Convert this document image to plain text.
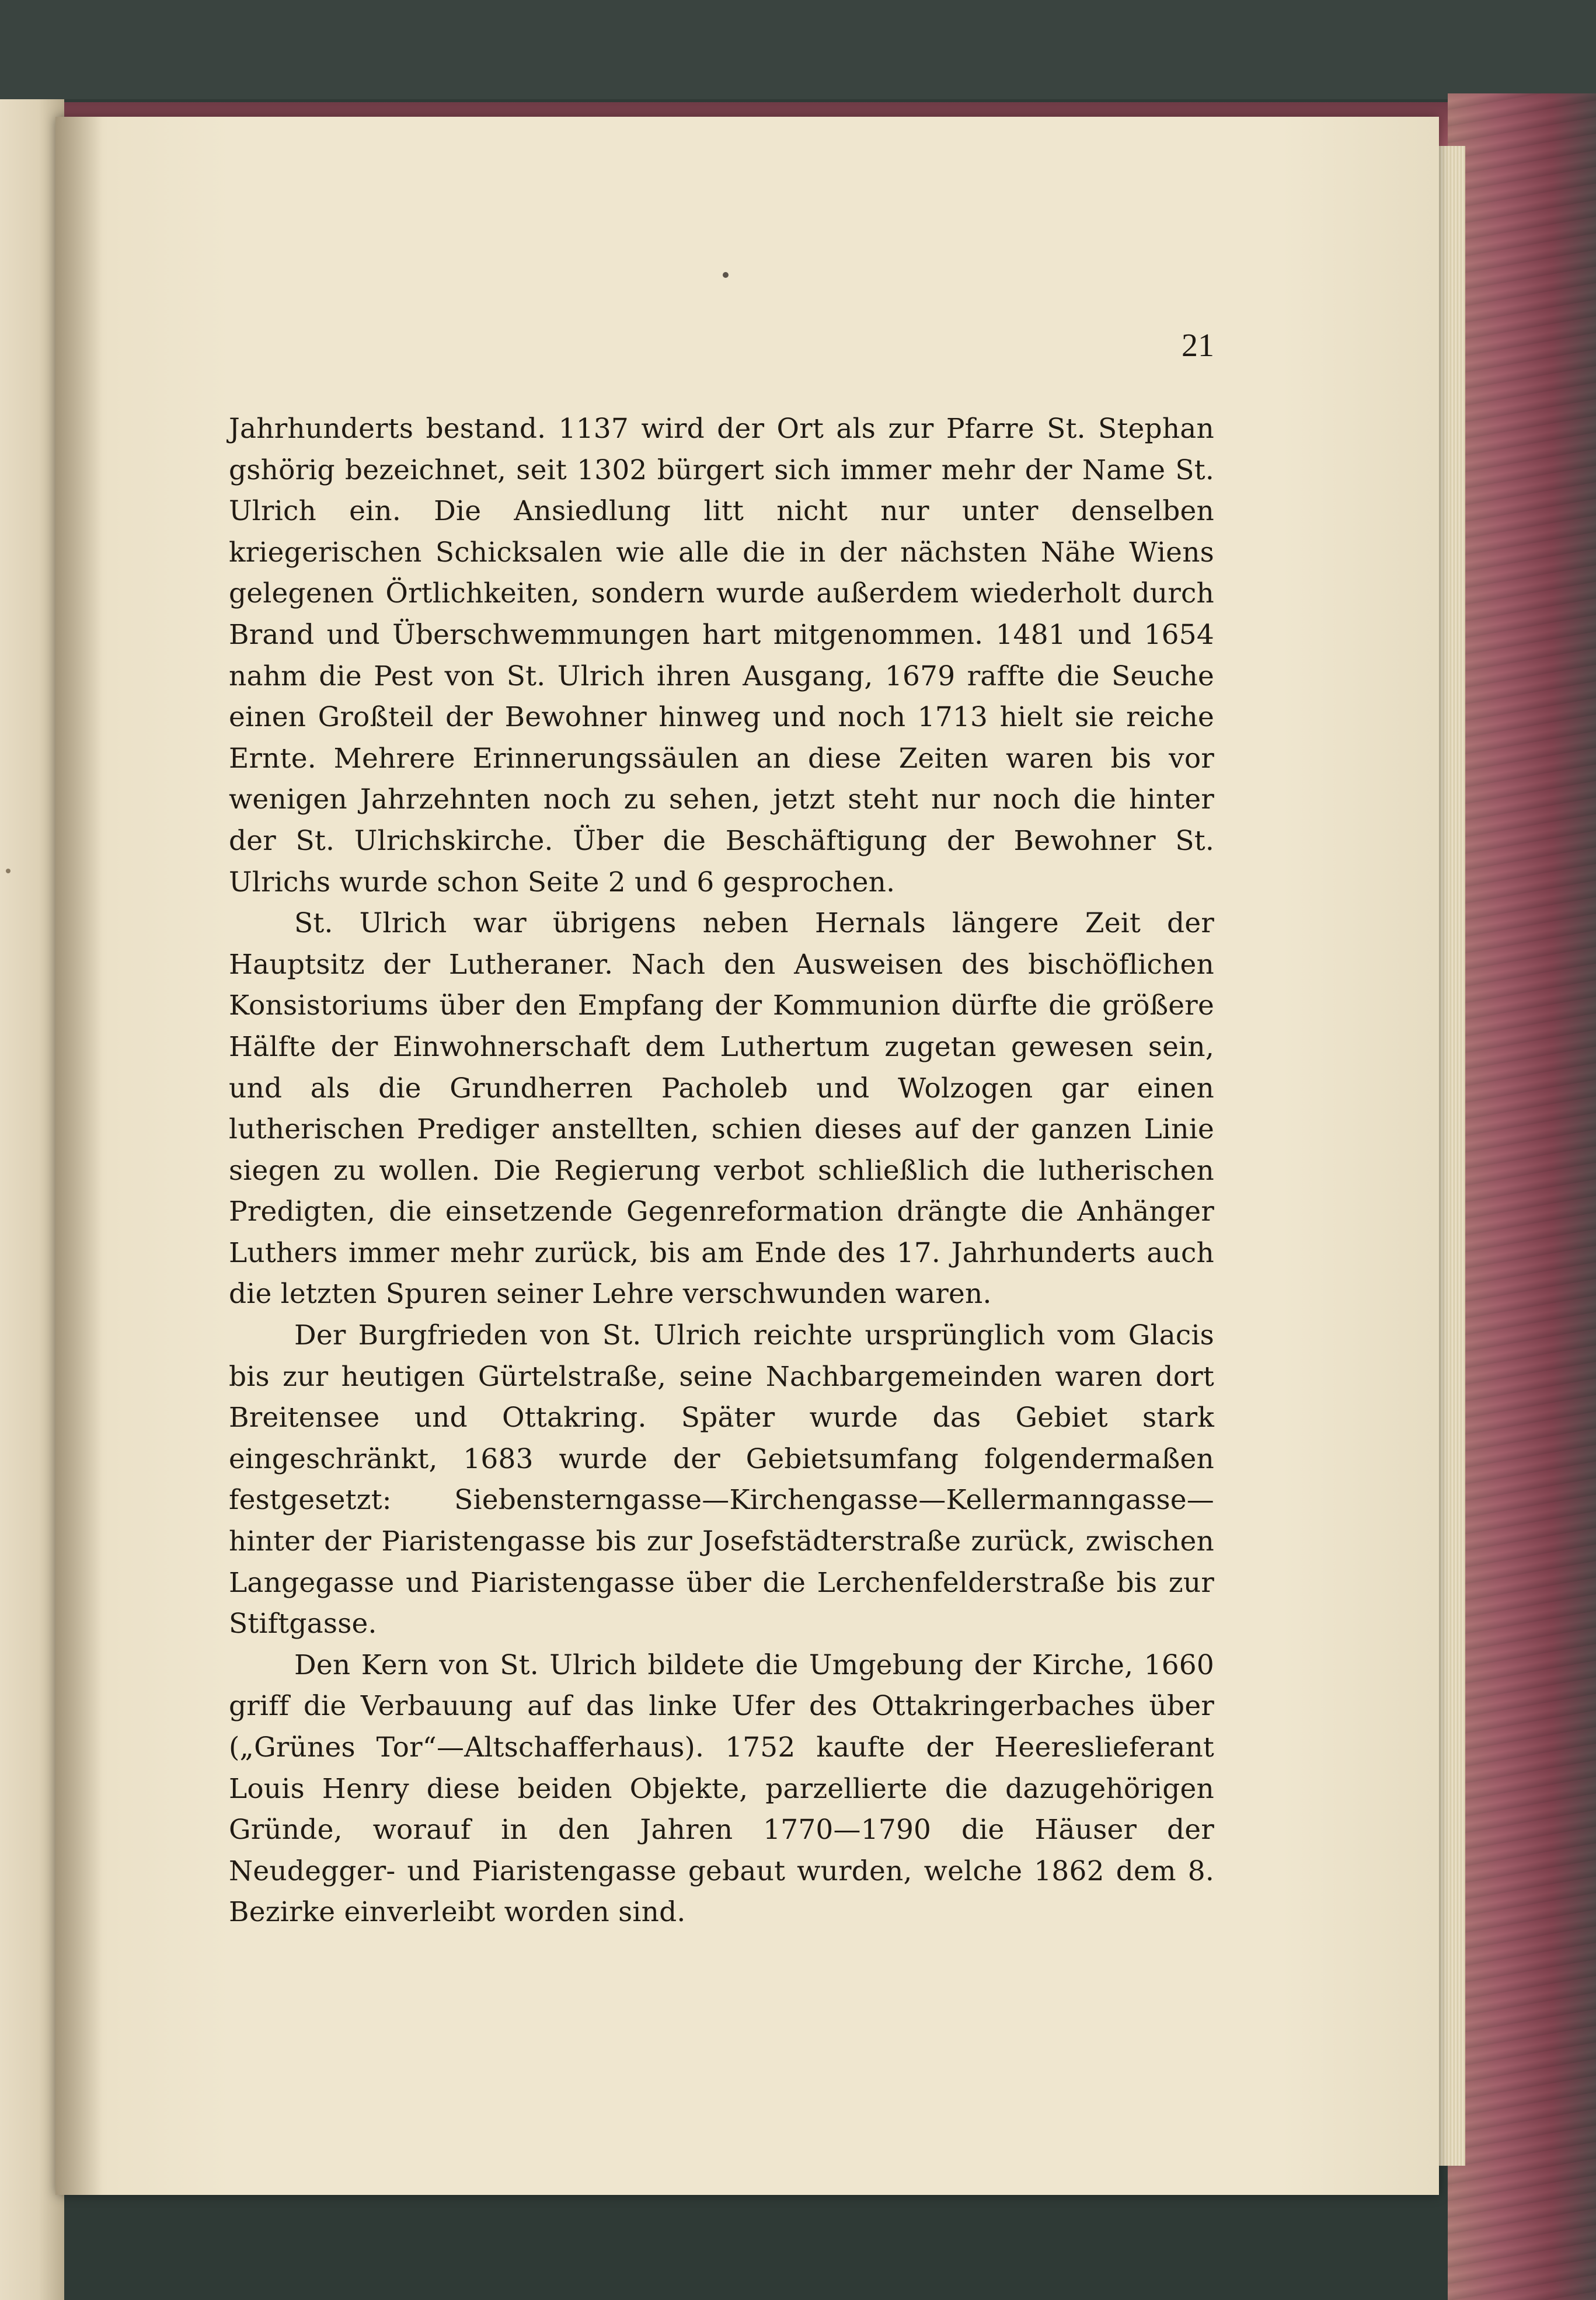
21

Jahrhunderts bestand. 1137 wird der Ort als zur Pfarre St. Stephan gshörig bezeichnet, seit 1302 bürgert sich immer mehr der Name St. Ulrich ein. Die Ansiedlung litt nicht nur unter denselben kriegerischen Schicksalen wie alle die in der nächsten Nähe Wiens gelegenen Örtlichkeiten, sondern wurde außerdem wiederholt durch Brand und Überschwemmungen hart mitgenommen. 1481 und 1654 nahm die Pest von St. Ulrich ihren Ausgang, 1679 raffte die Seuche einen Großteil der Bewohner hinweg und noch 1713 hielt sie reiche Ernte. Mehrere Erinnerungssäulen an diese Zeiten waren bis vor wenigen Jahrzehnten noch zu sehen, jetzt steht nur noch die hinter der St. Ulrichskirche. Über die Beschäftigung der Bewohner St. Ulrichs wurde schon Seite 2 und 6 gesprochen.

St. Ulrich war übrigens neben Hernals längere Zeit der Hauptsitz der Lutheraner. Nach den Ausweisen des bischöflichen Konsistoriums über den Empfang der Kommunion dürfte die größere Hälfte der Einwohnerschaft dem Luthertum zugetan gewesen sein, und als die Grundherren Pacholeb und Wolzogen gar einen lutherischen Prediger anstellten, schien dieses auf der ganzen Linie siegen zu wollen. Die Regierung verbot schließlich die lutherischen Predigten, die einsetzende Gegenreformation drängte die Anhänger Luthers immer mehr zurück, bis am Ende des 17. Jahrhunderts auch die letzten Spuren seiner Lehre verschwunden waren.

Der Burgfrieden von St. Ulrich reichte ursprünglich vom Glacis bis zur heutigen Gürtelstraße, seine Nachbargemeinden waren dort Breitensee und Ottakring. Später wurde das Gebiet stark eingeschränkt, 1683 wurde der Gebietsumfang folgendermaßen festgesetzt: Siebensterngasse—Kirchengasse—Kellermanngasse—hinter der Piaristengasse bis zur Josefstädterstraße zurück, zwischen Langegasse und Piaristengasse über die Lerchenfelderstraße bis zur Stiftgasse.

Den Kern von St. Ulrich bildete die Umgebung der Kirche, 1660 griff die Verbauung auf das linke Ufer des Ottakringerbaches über („Grünes Tor“—Altschafferhaus). 1752 kaufte der Heereslieferant Louis Henry diese beiden Objekte, parzellierte die dazugehörigen Gründe, worauf in den Jahren 1770—1790 die Häuser der Neudegger- und Piaristengasse gebaut wurden, welche 1862 dem 8. Bezirke einverleibt worden sind.
